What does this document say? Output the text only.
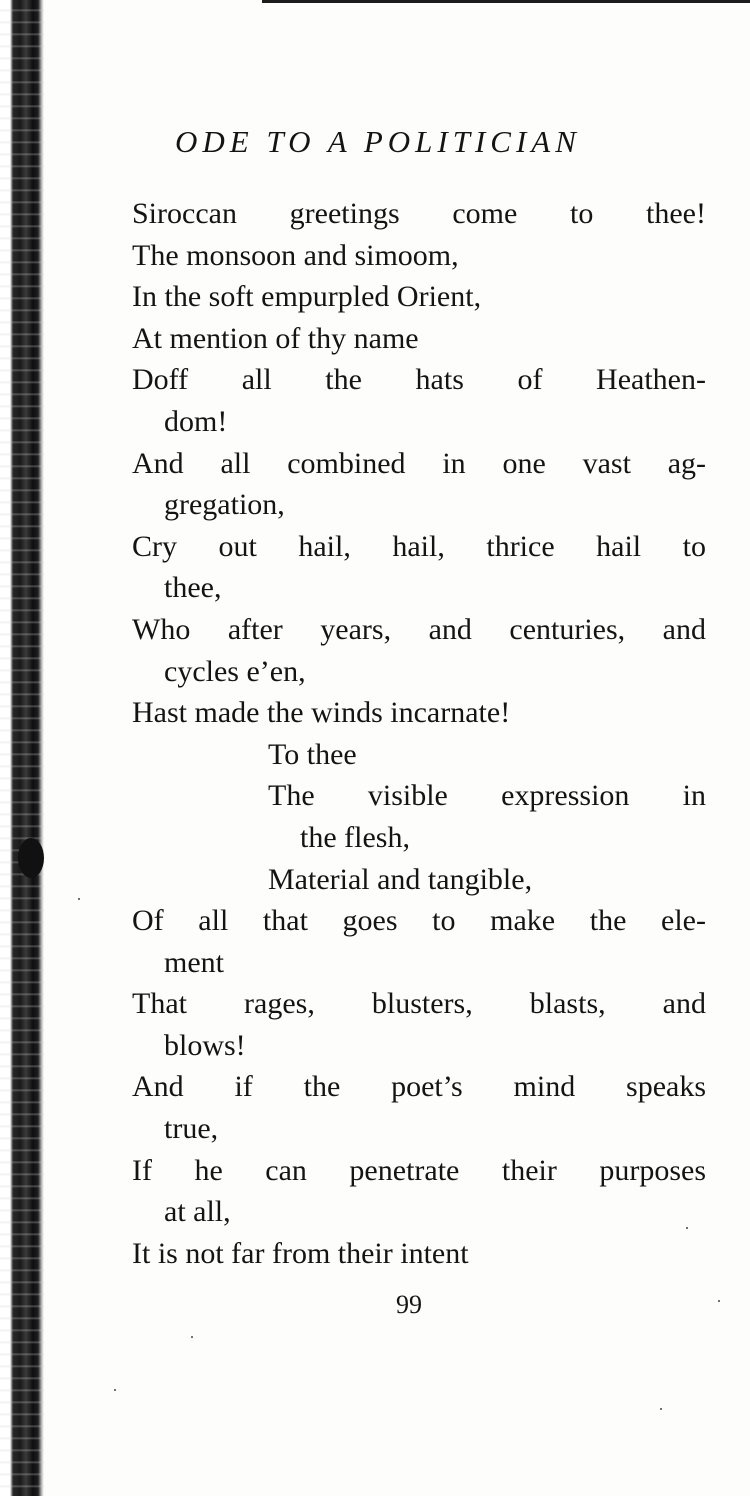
ODE TO A POLITICIAN
Siroccan greetings come to thee!
The monsoon and simoom,
In the soft empurpled Orient,
At mention of thy name
Doff all the hats of Heathen-
dom!
And all combined in one vast ag-
gregation,
Cry out hail, hail, thrice hail to
thee,
Who after years, and centuries, and
cycles e’en,
Hast made the winds incarnate!
To thee
The visible expression in
the flesh,
Material and tangible,
Of all that goes to make the ele-
ment
That rages, blusters, blasts, and
blows!
And if the poet’s mind speaks
true,
If he can penetrate their purposes
at all,
It is not far from their intent
99
